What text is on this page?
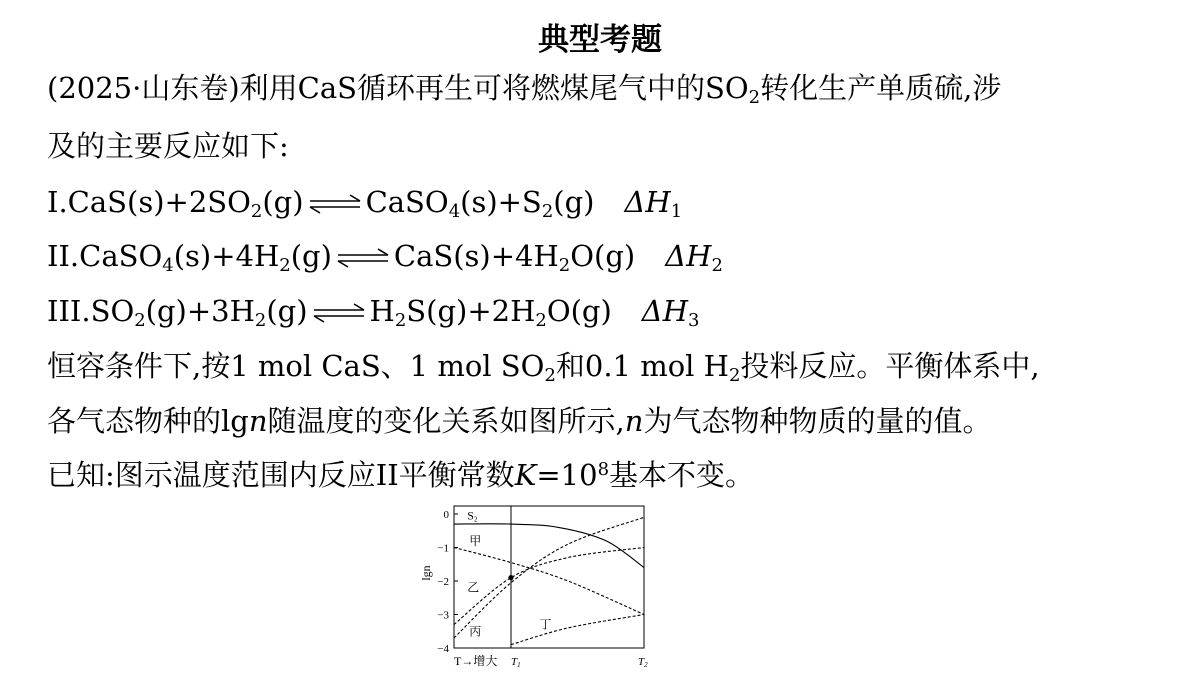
典型考题
(2025·山东卷)利用CaS循环再生可将燃煤尾气中的$SO_2$转化生产单质硫,涉
及的主要反应如下:
$I.CaS(s)+2SO_2(g)$ ⇌ $CaSO_4(s)+S_2(g)$ $\Delta H_1$
$II.CaSO_4(s)+4H_2(g)$ ⇌ $CaS(s)+4H_2O(g)$ $\Delta H_2$
$III.SO_2(g)+3H_2(g)$ ⇌ $H_2S(g)+2H_2O(g)$ $\Delta H_3$
恒容条件下,按1 mol CaS、1 mol $SO_2$和0.1 mol $H_2$投料反应。平衡体系中,
各气态物种的lgn随温度的变化关系如图所示,n为气态物种物质的量的值。
已知:图示温度范围内反应II平衡常数$K=10^8$基本不变。
0
−1
−2
−3
−4
S2
甲
乙
丙	丁
lgn
T→增大 T1	T2
